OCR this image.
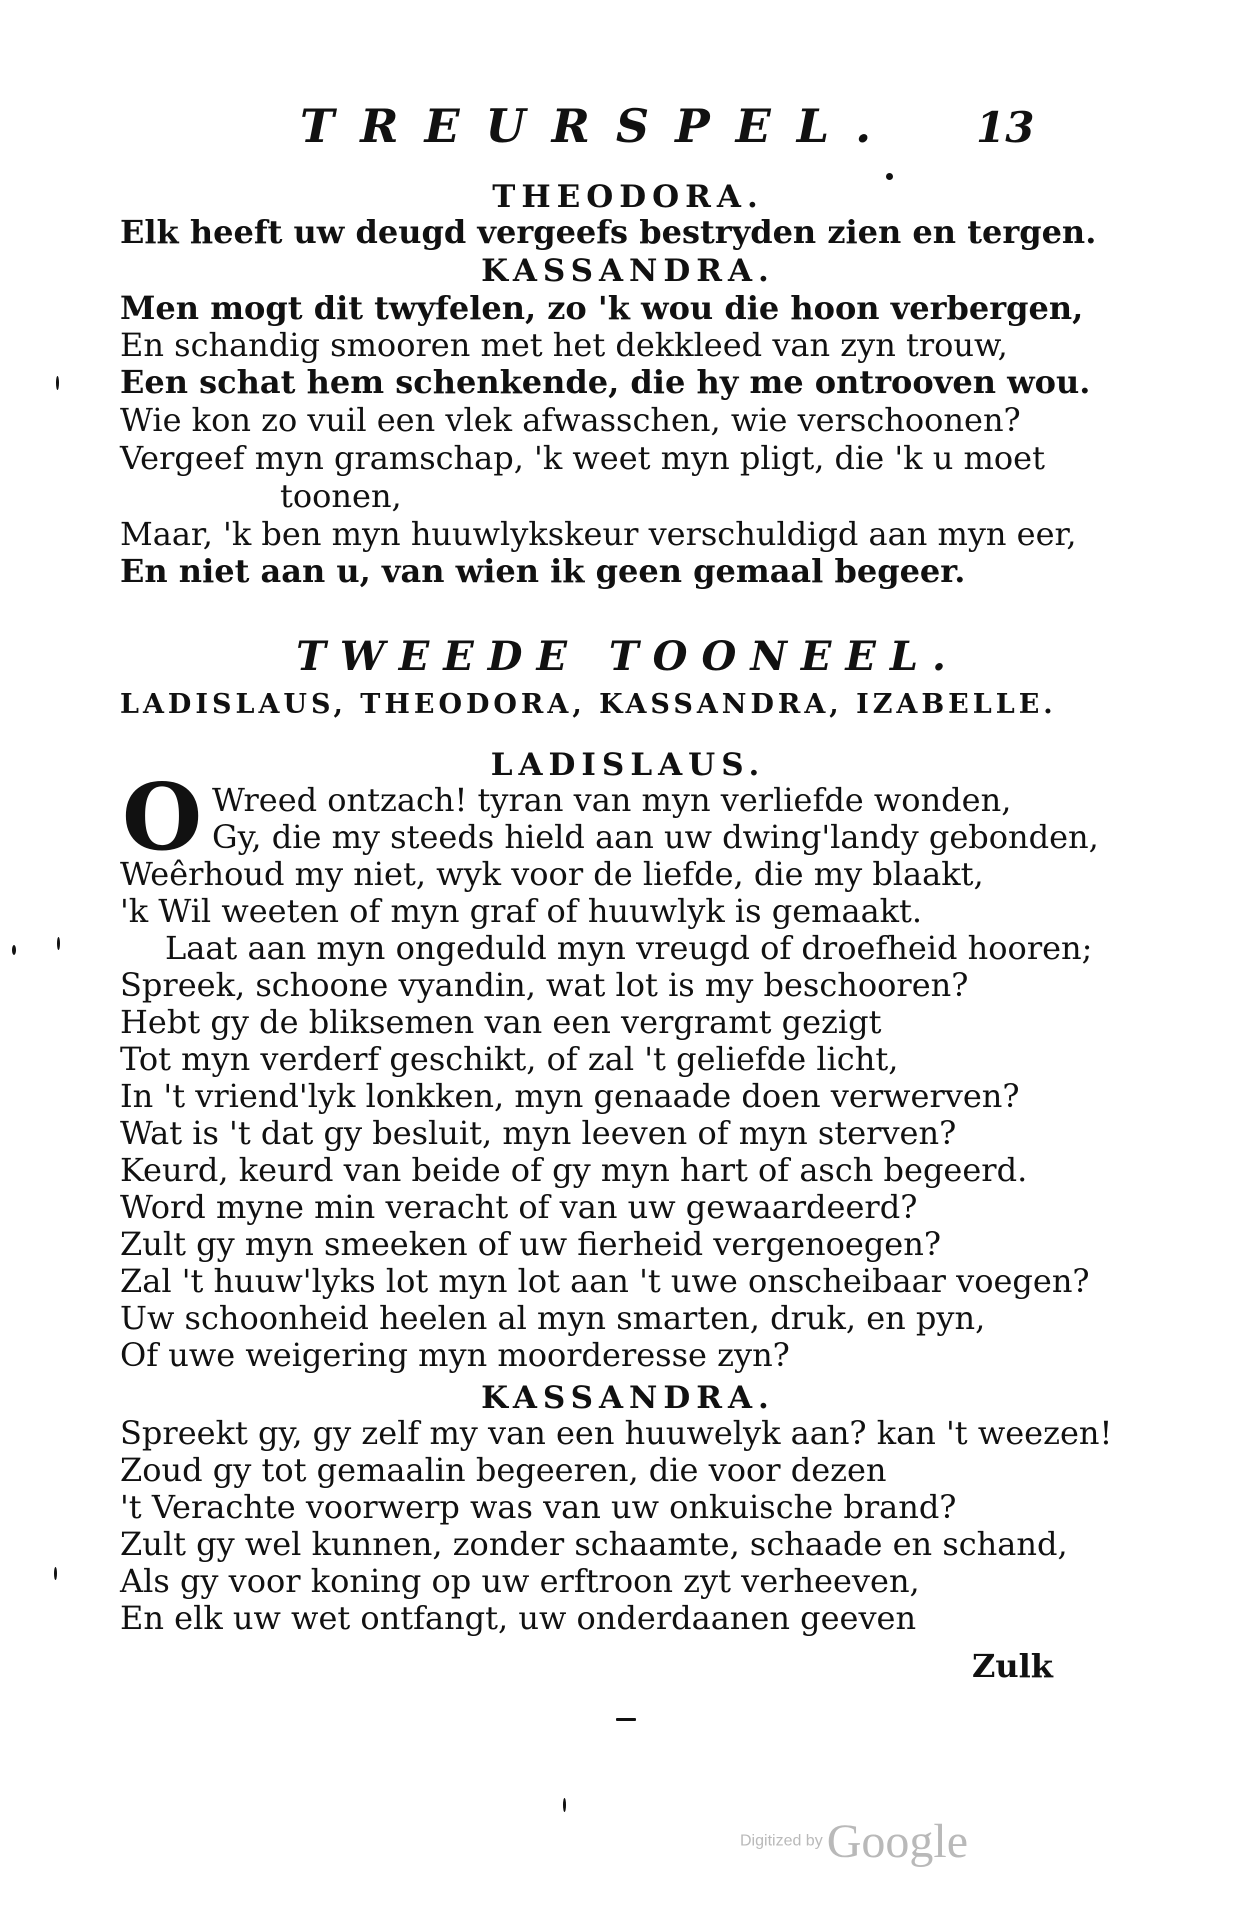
TREURSPEL. 13
THEODORA.
Elk heeft uw deugd vergeefs bestryden zien en tergen.
KASSANDRA.
Men mogt dit twyfelen, zo 'k wou die hoon verbergen,
En schandig smooren met het dekkleed van zyn trouw,
Een schat hem schenkende, die hy me ontrooven wou.
Wie kon zo vuil een vlek afwasschen, wie verschoonen?
Vergeef myn gramschap, 'k weet myn pligt, die 'k u moet
toonen,
Maar, 'k ben myn huuwlykskeur verschuldigd aan myn eer,
En niet aan u, van wien ik geen gemaal begeer.
TWEEDE TOONEEL.
LADISLAUS, THEODORA, KASSANDRA, IZABELLE.
LADISLAUS.
O Wreed ontzach! tyran van myn verliefde wonden,
Gy, die my steeds hield aan uw dwing'landy gebonden,
Weêrhoud my niet, wyk voor de liefde, die my blaakt,
'k Wil weeten of myn graf of huuwlyk is gemaakt.
Laat aan myn ongeduld myn vreugd of droefheid hooren;
Spreek, schoone vyandin, wat lot is my beschooren?
Hebt gy de bliksemen van een vergramt gezigt
Tot myn verderf geschikt, of zal 't geliefde licht,
In 't vriend'lyk lonkken, myn genaade doen verwerven?
Wat is 't dat gy besluit, myn leeven of myn sterven?
Keurd, keurd van beide of gy myn hart of asch begeerd.
Word myne min veracht of van uw gewaardeerd?
Zult gy myn smeeken of uw fierheid vergenoegen?
Zal 't huuw'lyks lot myn lot aan 't uwe onscheibaar voegen?
Uw schoonheid heelen al myn smarten, druk, en pyn,
Of uwe weigering myn moorderesse zyn?
KASSANDRA.
Spreekt gy, gy zelf my van een huuwelyk aan? kan 't weezen!
Zoud gy tot gemaalin begeeren, die voor dezen
't Verachte voorwerp was van uw onkuische brand?
Zult gy wel kunnen, zonder schaamte, schaade en schand,
Als gy voor koning op uw erftroon zyt verheeven,
En elk uw wet ontfangt, uw onderdaanen geeven
Zulk
Digitized by Google
